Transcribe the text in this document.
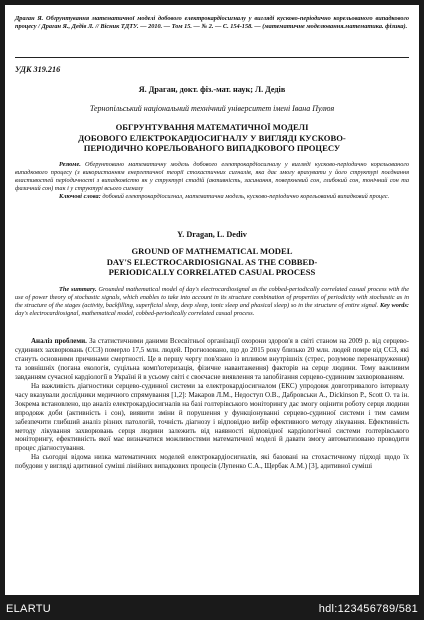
Драган Я. Обгрунтування математичної моделі добового електрокардіосигналу у вигляді кусково-періодично корельованого випадкового процесу / Драган Я., Дедів Л. // Вісник ТДТУ. — 2010. — Том 15. — № 2. — С. 154-158. — (математичне моделювання.математика. фізика).
УДК 319.216
Я. Драган, докт. фіз.-мат. наук; Л. Дедів
Тернопільський національний технічний університет імені Івана Пулюя
ОБГРУНТУВАННЯ МАТЕМАТИЧНОЇ МОДЕЛІ
ДОБОВОГО ЕЛЕКТРОКАРДІОСИГНАЛУ У ВИГЛЯДІ КУСКОВО-
ПЕРІОДИЧНО КОРЕЛЬОВАНОГО ВИПАДКОВОГО ПРОЦЕСУ
Резюме. Обгрунтовано математичну модель добового електрокардіосигналу у вигляді кусково-періодично корельованого випадкового процесу (з використанням енергетичної теорії стохастичних сигналів, яка дає змогу врахувати у його структурі поєднання властивостей періодичності з випадковістю як у структурі стадій (активність, засинання, поверхневий сон, глибокий сон, тонічний сон та фазичний сон) так і у структурі всього сигналу
Ключові слова: добовий електрокардіосигнал, математична модель, кусково-періодично корельований випадковий процес.
Y. Dragan, L. Dediv
GROUND OF MATHEMATICAL MODEL
DAY'S ELECTROCARDIOSIGNAL AS THE COBBED-
PERIODICALLY CORRELATED CASUAL PROCESS
The summary. Grounded mathematical model of day's electrocardiosignal as the cobbed-periodically correlated casual process with the use of power theory of stochastic signals, which enables to take into account in its structure combination of properties of periodicity with stochastic as in the structure of the stages (activity, backfilling, superficial sleep, deep sleep, tonic sleep and phasical sleep) so in the structure of entire signal. Key words: day's electrocardiosignal, mathematical model, cobbed-periodically correlated casual process.

Аналіз проблеми. За статистичними даними Всесвітньої організації охорони здоров'я в світі станом на 2009 р. від серцево-судинних захворювань (ССЗ) померло 17,5 млн. людей. Прогнозовано, що до 2015 року близько 20 млн. людей помре від ССЗ, які стануть основними причинами смертності. Це в першу чергу пов'язано із впливом внутрішніх (стрес, розумове перенапруження) та зовнішніх (погана екологія, суцільна комп'ютеризація, фізичне навантаження) факторів на серце людини. Тому важливим завданням сучасної кардіології в Україні й в усьому світі є своєчасне виявлення та запобігання серцево-судинним захворюванням.

На важливість діагностики серцево-судинної системи за електрокардіосигналом (ЕКС) упродовж довготривалого інтервалу часу вказували дослідники медичного спрямування [1,2]: Макаров Л.М., Недоступ О.В., Дабровськи А., Dickinson P., Scott O. та ін. Зокрема встановлено, що аналіз електрокардіосигналів на базі голтерівського моніторингу дає змогу оцінити роботу серця людини впродовж доби (активність і сон), виявити зміни й порушення у функціонуванні серцево-судинної системи і тим самим забезпечити глибший аналіз різних патологій, точність діагнозу і відповідно вибір ефективного методу лікування. Ефективність методу лікування захворювань серця людини залежить від наявності відповідної кардіологічної системи голтерівського моніторингу, ефективність якої має визначатися можливостями математичної моделі й давати змогу автоматизовано проводити процес діагностування.

На сьогодні відома низка математичних моделей електрокардіосигналів, які базовані на стохастичному підході щодо їх побудови у вигляді адитивної суміші лінійних випадкових процесів (Лупенко С.А., Щербак А.М.) [3], адитивної суміші

ELARTU	hdl:123456789/581
